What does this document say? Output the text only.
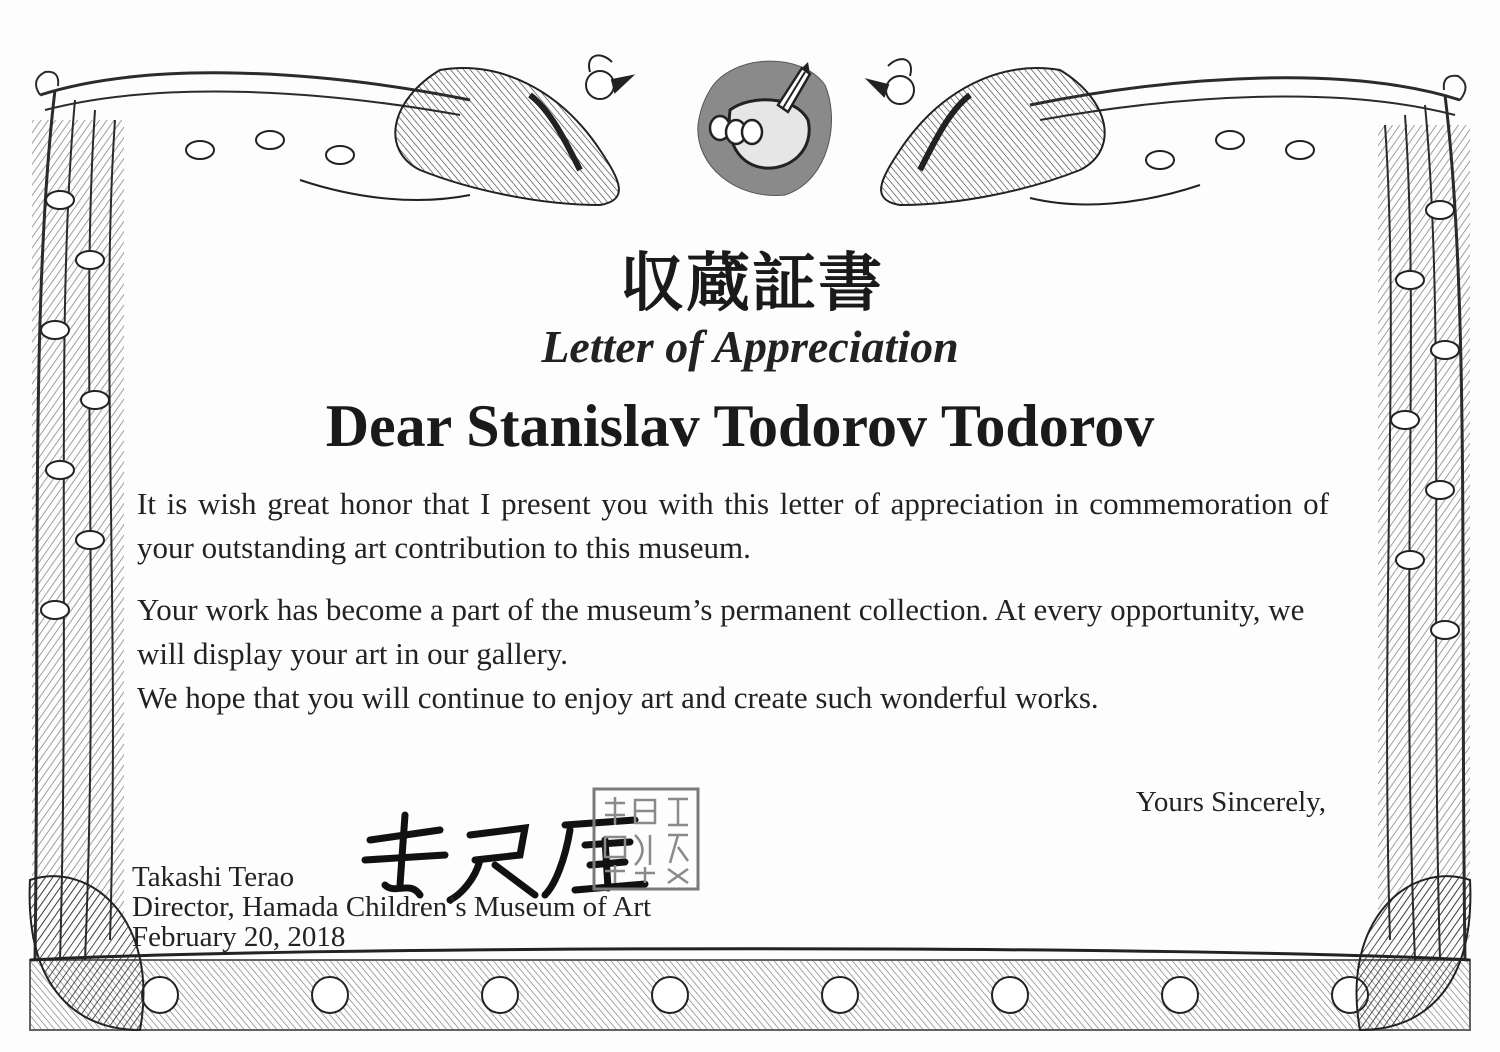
収蔵証書
Letter of Appreciation
Dear Stanislav Todorov Todorov
It is wish great honor that I present you with this letter of appreciation in commemoration of your outstanding art contribution to this museum.
Your work has become a part of the museum’s permanent collection. At every opportunity, we will display your art in our gallery.
We hope that you will continue to enjoy art and create such wonderful works.
Yours Sincerely,
Takashi Terao
Director, Hamada Children’s Museum of Art
February 20, 2018
